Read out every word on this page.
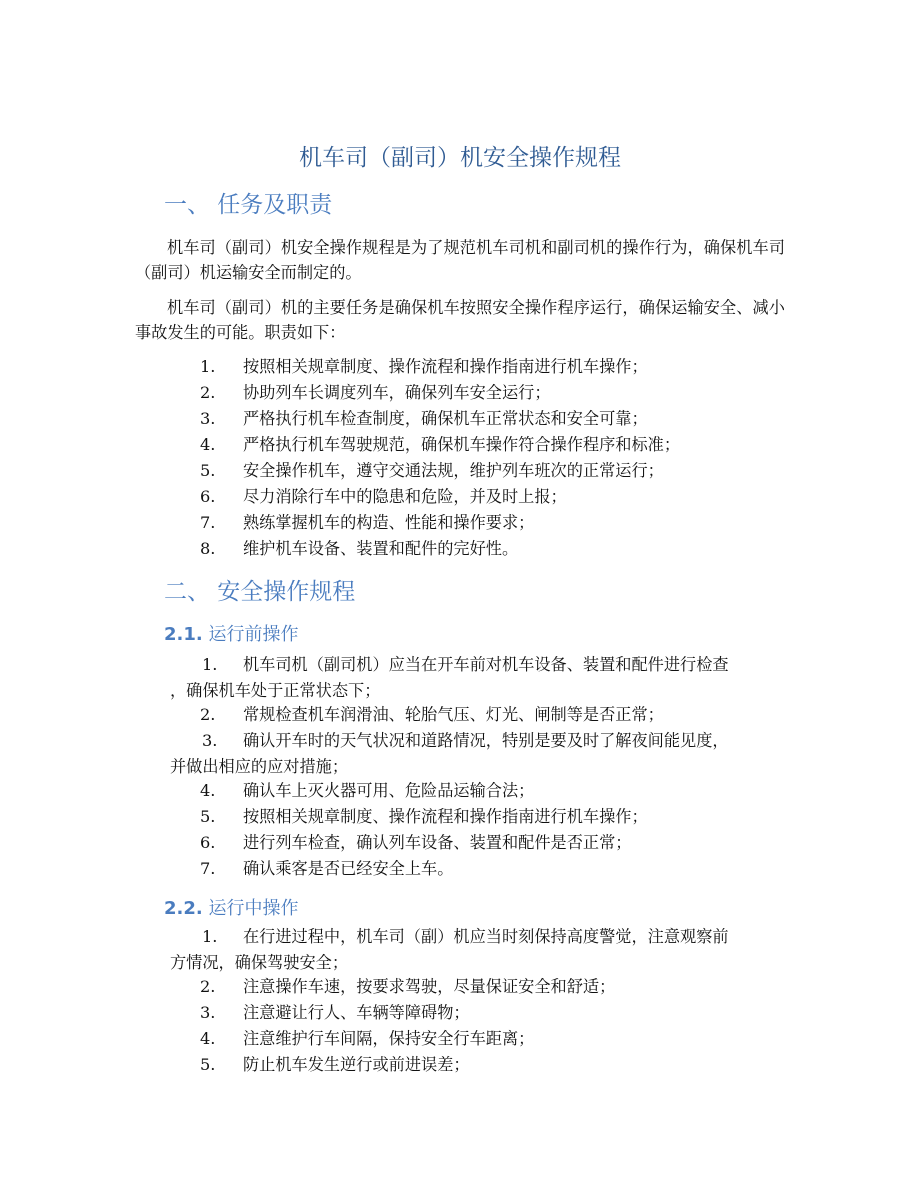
机车司（副司）机安全操作规程
一、 任务及职责
机车司（副司）机安全操作规程是为了规范机车司机和副司机的操作行为，确保机车司（副司）机运输安全而制定的。
机车司（副司）机的主要任务是确保机车按照安全操作程序运行，确保运输安全、减小事故发生的可能。职责如下：
1. 按照相关规章制度、操作流程和操作指南进行机车操作；
2. 协助列车长调度列车，确保列车安全运行；
3. 严格执行机车检查制度，确保机车正常状态和安全可靠；
4. 严格执行机车驾驶规范，确保机车操作符合操作程序和标准；
5. 安全操作机车，遵守交通法规，维护列车班次的正常运行；
6. 尽力消除行车中的隐患和危险，并及时上报；
7. 熟练掌握机车的构造、性能和操作要求；
8. 维护机车设备、装置和配件的完好性。
二、 安全操作规程
2.1. 运行前操作
1. 机车司机（副司机）应当在开车前对机车设备、装置和配件进行检查
，确保机车处于正常状态下；
2. 常规检查机车润滑油、轮胎气压、灯光、闸制等是否正常；
3. 确认开车时的天气状况和道路情况，特别是要及时了解夜间能见度，
并做出相应的应对措施；
4. 确认车上灭火器可用、危险品运输合法；
5. 按照相关规章制度、操作流程和操作指南进行机车操作；
6. 进行列车检查，确认列车设备、装置和配件是否正常；
7. 确认乘客是否已经安全上车。
2.2. 运行中操作
1. 在行进过程中，机车司（副）机应当时刻保持高度警觉，注意观察前
方情况，确保驾驶安全；
2. 注意操作车速，按要求驾驶，尽量保证安全和舒适；
3. 注意避让行人、车辆等障碍物；
4. 注意维护行车间隔，保持安全行车距离；
5. 防止机车发生逆行或前进误差；
